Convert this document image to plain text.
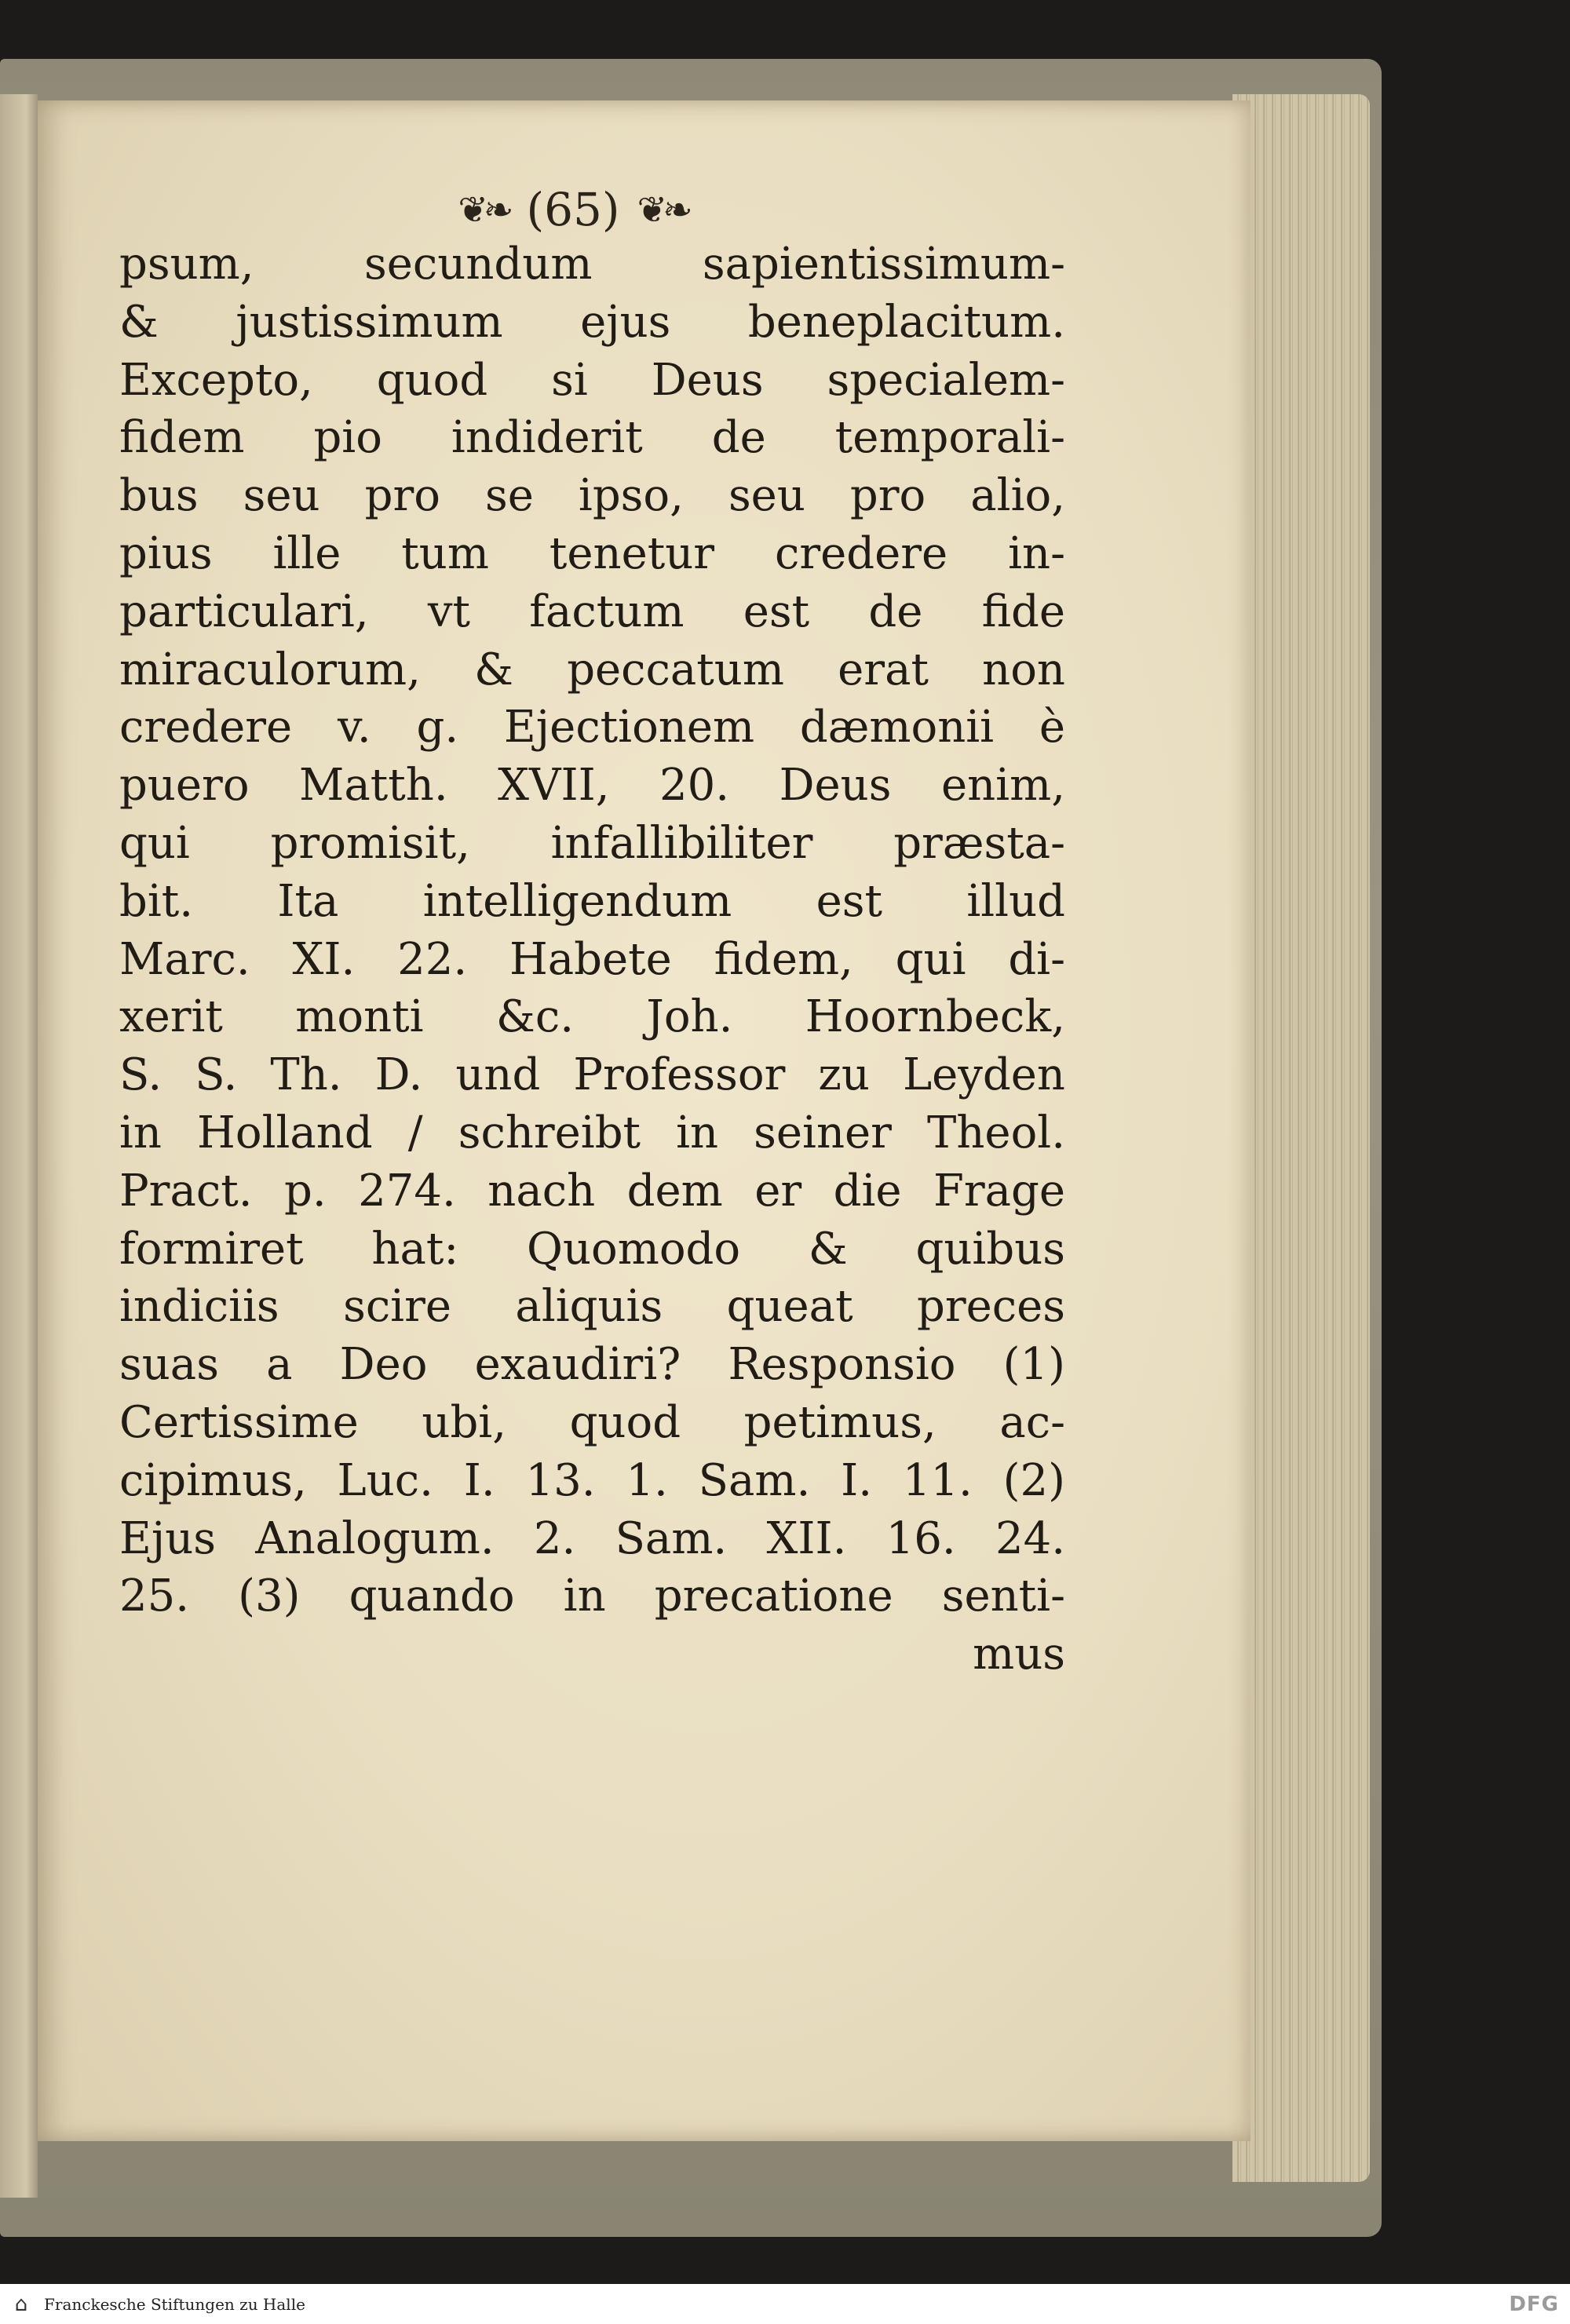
❦❧ (65) ❦❧
psum, secundum sapientissimum-
& justissimum ejus beneplacitum.
Excepto, quod si Deus specialem-
fidem pio indiderit de temporali-
bus seu pro se ipso, seu pro alio,
pius ille tum tenetur credere in-
particulari, vt factum est de fide
miraculorum, & peccatum erat non
credere v. g. Ejectionem dæmonii è
puero Matth. XVII, 20. Deus enim,
qui promisit, infallibiliter præsta-
bit. Ita intelligendum est illud
Marc. XI. 22. Habete fidem, qui di-
xerit monti &c. Joh. Hoornbeck,
S. S. Th. D. und Professor zu Leyden
in Holland / schreibt in seiner Theol.
Pract. p. 274. nach dem er die Frage
formiret hat: Quomodo & quibus
indiciis scire aliquis queat preces
suas a Deo exaudiri? Responsio (1)
Certissime ubi, quod petimus, ac-
cipimus, Luc. I. 13. 1. Sam. I. 11. (2)
Ejus Analogum. 2. Sam. XII. 16. 24.
25. (3) quando in precatione senti-
mus
⌂	Franckesche Stiftungen zu Halle	DFG
